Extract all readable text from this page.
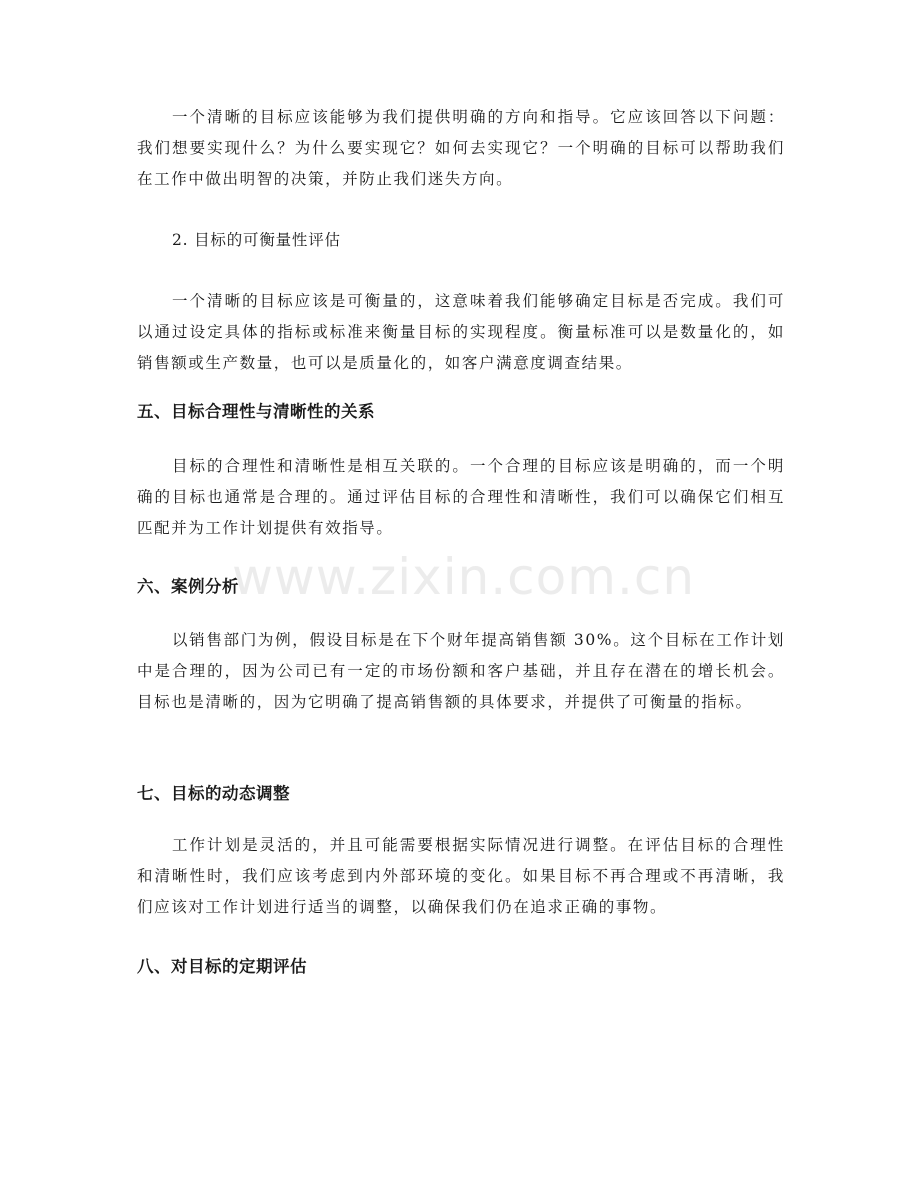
www.zixin.com.cn

一个清晰的目标应该能够为我们提供明确的方向和指导。它应该回答以下问题：我们想要实现什么？为什么要实现它？如何去实现它？一个明确的目标可以帮助我们在工作中做出明智的决策，并防止我们迷失方向。

2. 目标的可衡量性评估

一个清晰的目标应该是可衡量的，这意味着我们能够确定目标是否完成。我们可以通过设定具体的指标或标准来衡量目标的实现程度。衡量标准可以是数量化的，如销售额或生产数量，也可以是质量化的，如客户满意度调查结果。

五、目标合理性与清晰性的关系

目标的合理性和清晰性是相互关联的。一个合理的目标应该是明确的，而一个明确的目标也通常是合理的。通过评估目标的合理性和清晰性，我们可以确保它们相互匹配并为工作计划提供有效指导。

六、案例分析

以销售部门为例，假设目标是在下个财年提高销售额 30%。这个目标在工作计划中是合理的，因为公司已有一定的市场份额和客户基础，并且存在潜在的增长机会。目标也是清晰的，因为它明确了提高销售额的具体要求，并提供了可衡量的指标。

七、目标的动态调整

工作计划是灵活的，并且可能需要根据实际情况进行调整。在评估目标的合理性和清晰性时，我们应该考虑到内外部环境的变化。如果目标不再合理或不再清晰，我们应该对工作计划进行适当的调整，以确保我们仍在追求正确的事物。

八、对目标的定期评估
